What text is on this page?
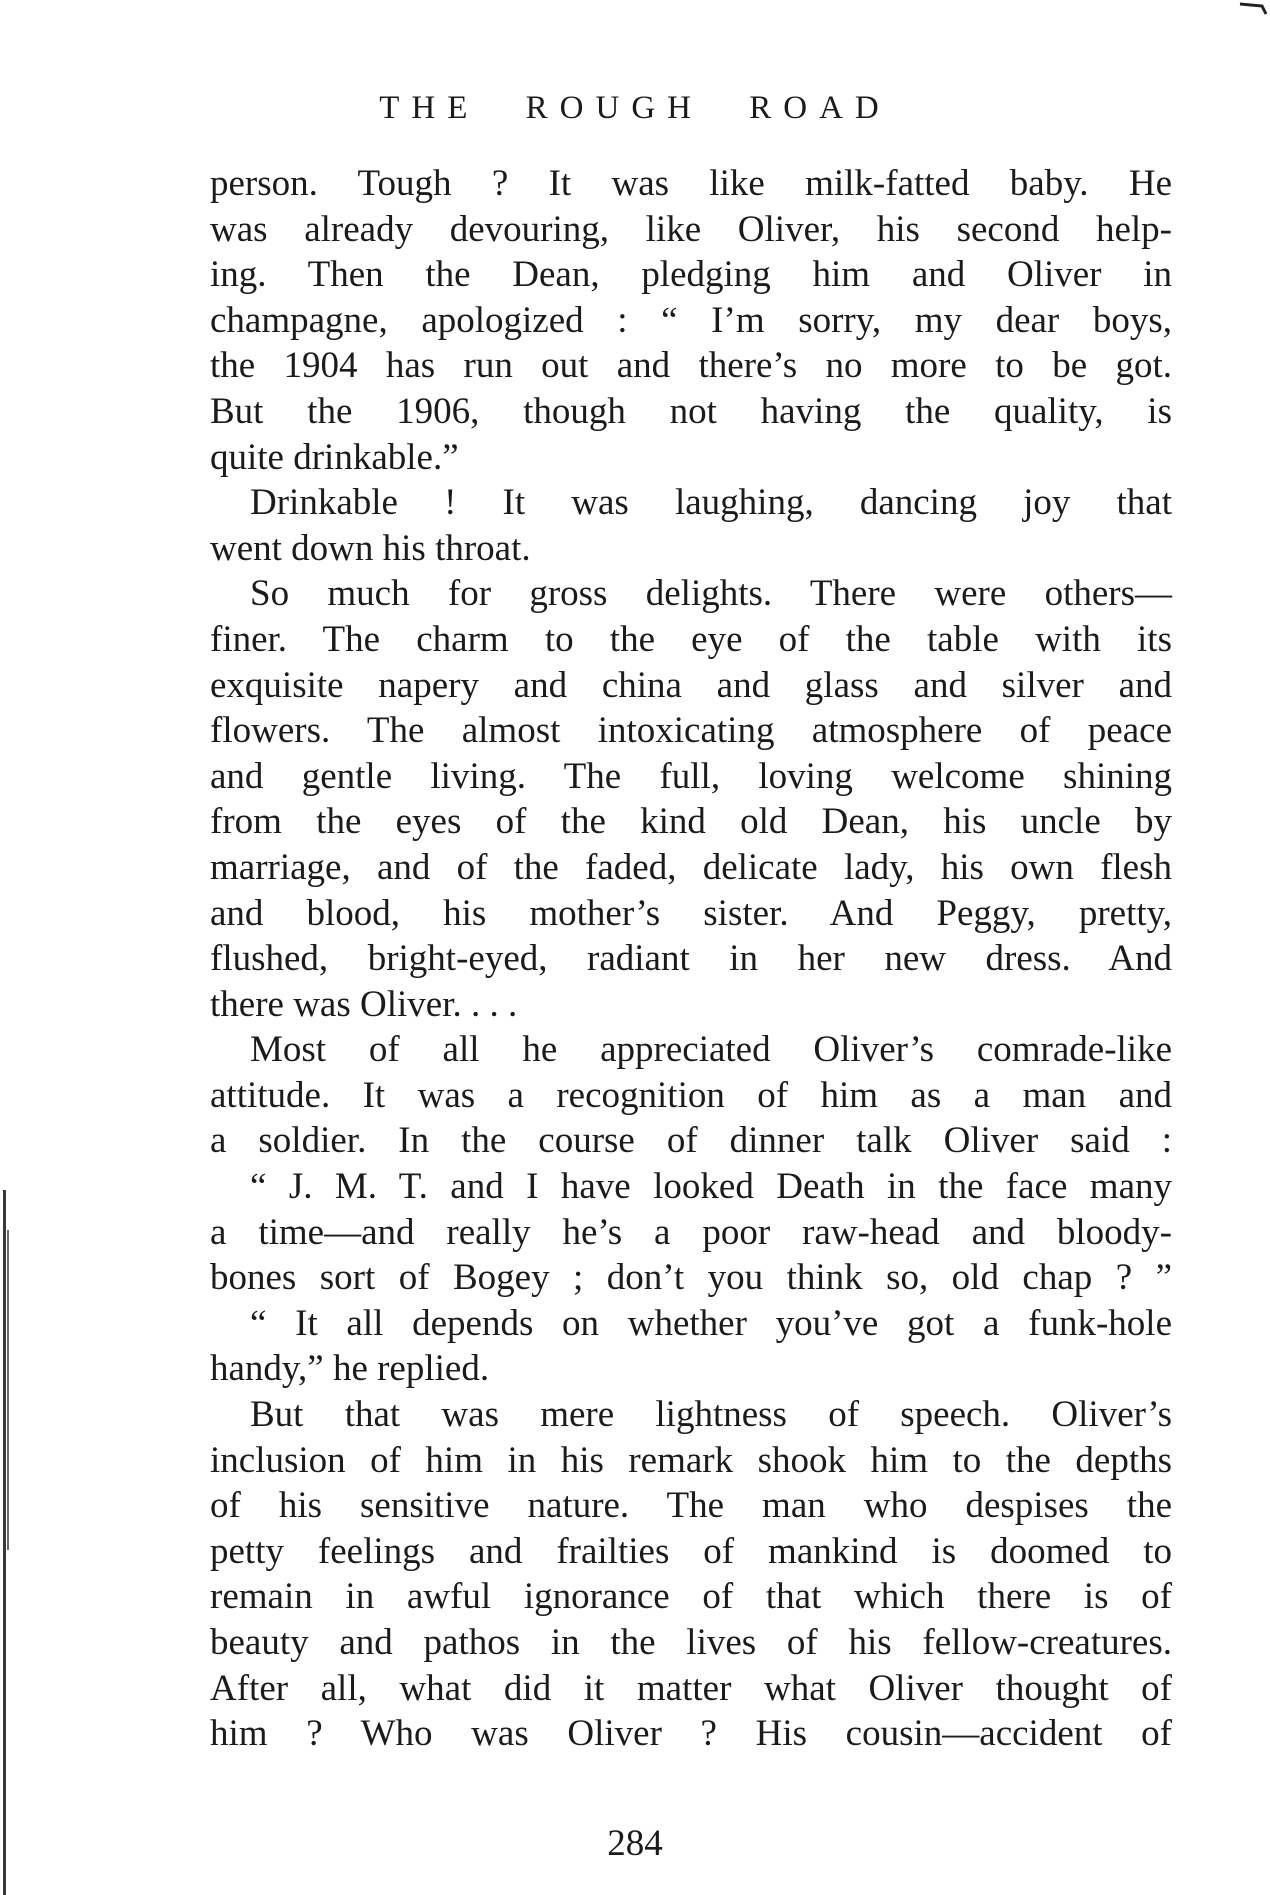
THE ROUGH ROAD
person. Tough ? It was like milk-fatted baby. He
was already devouring, like Oliver, his second help-
ing. Then the Dean, pledging him and Oliver in
champagne, apologized : “ I’m sorry, my dear boys,
the 1904 has run out and there’s no more to be got.
But the 1906, though not having the quality, is
quite drinkable.”
Drinkable ! It was laughing, dancing joy that
went down his throat.
So much for gross delights. There were others—
finer. The charm to the eye of the table with its
exquisite napery and china and glass and silver and
flowers. The almost intoxicating atmosphere of peace
and gentle living. The full, loving welcome shining
from the eyes of the kind old Dean, his uncle by
marriage, and of the faded, delicate lady, his own flesh
and blood, his mother’s sister. And Peggy, pretty,
flushed, bright-eyed, radiant in her new dress. And
there was Oliver. . . .
Most of all he appreciated Oliver’s comrade-like
attitude. It was a recognition of him as a man and
a soldier. In the course of dinner talk Oliver said :
“ J. M. T. and I have looked Death in the face many
a time—and really he’s a poor raw-head and bloody-
bones sort of Bogey ; don’t you think so, old chap ? ”
“ It all depends on whether you’ve got a funk-hole
handy,” he replied.
But that was mere lightness of speech. Oliver’s
inclusion of him in his remark shook him to the depths
of his sensitive nature. The man who despises the
petty feelings and frailties of mankind is doomed to
remain in awful ignorance of that which there is of
beauty and pathos in the lives of his fellow-creatures.
After all, what did it matter what Oliver thought of
him ? Who was Oliver ? His cousin—accident of
284
